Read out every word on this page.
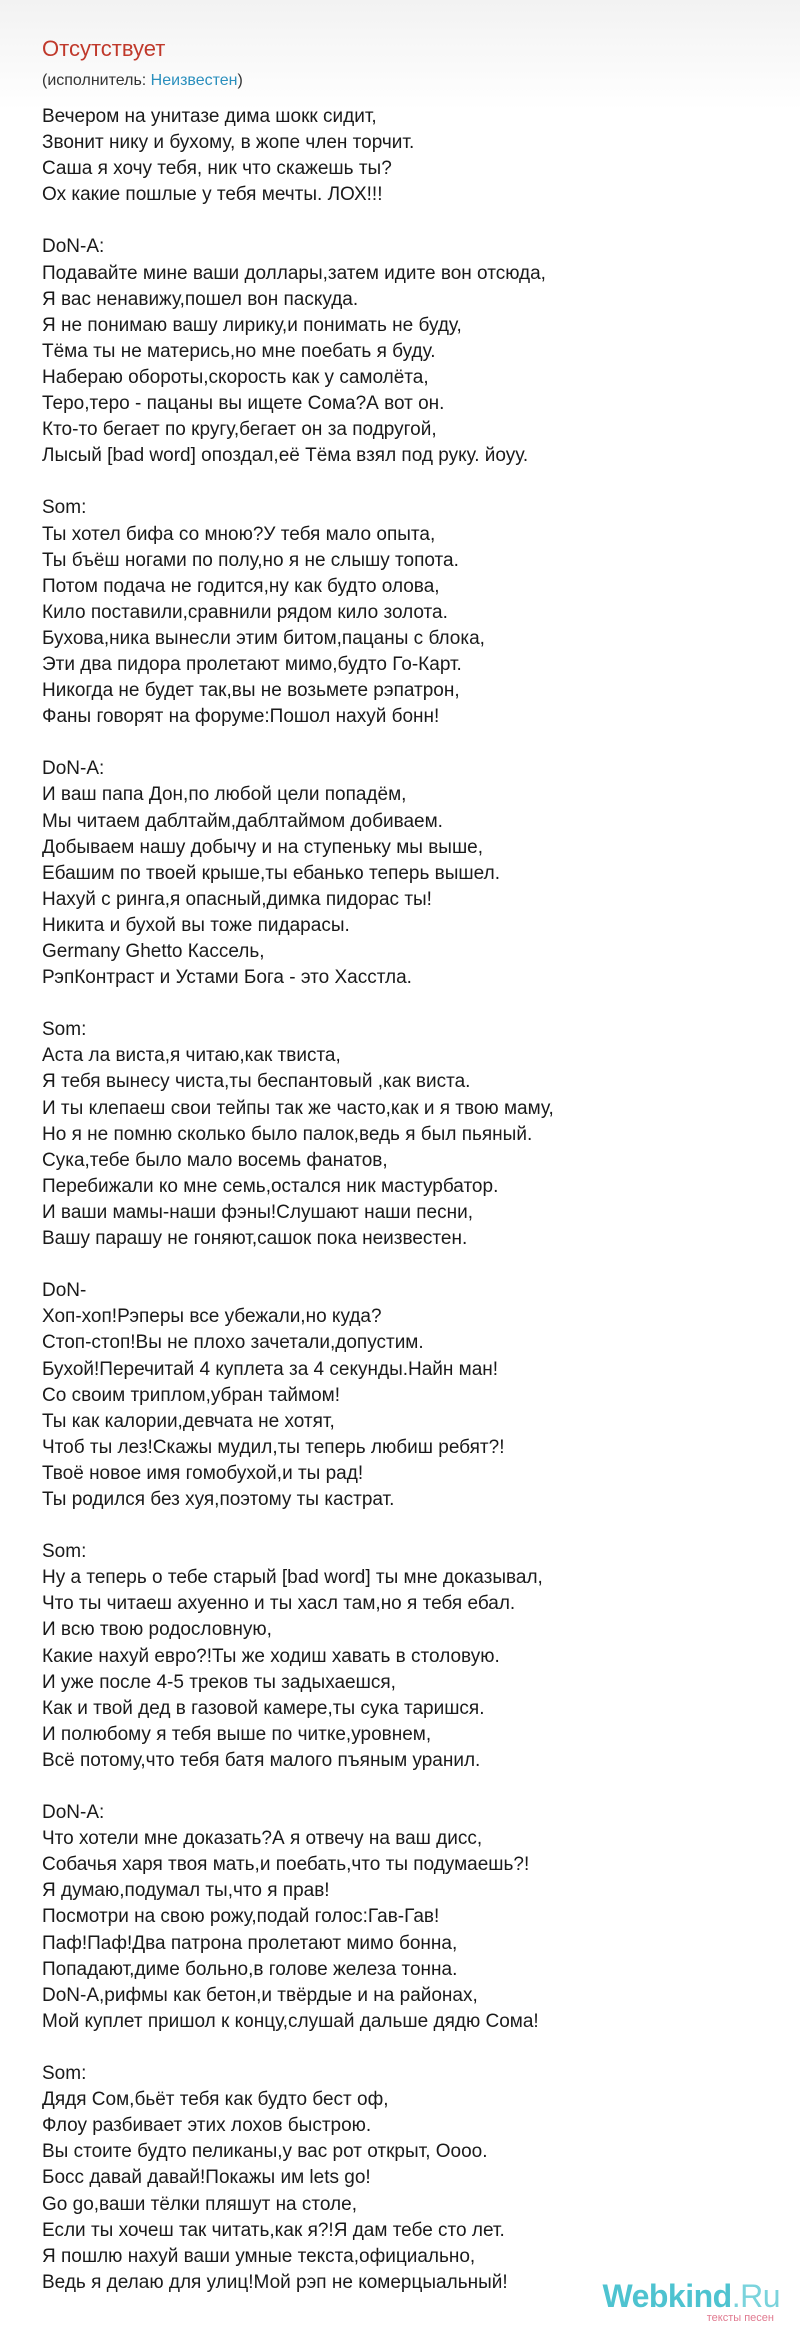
Отсутствует
(исполнитель: Неизвестен)
Вечером на унитазе дима шокк сидит,
Звонит нику и бухому, в жопе член торчит.
Саша я хочу тебя, ник что скажешь ты?
Ох какие пошлые у тебя мечты. ЛОХ!!!
DoN-A:
Подавайте мине ваши доллары,затем идите вон отсюда,
Я вас ненавижу,пошел вон паскуда.
Я не понимаю вашу лирику,и понимать не буду,
Тёма ты не матерись,но мне поебать я буду.
Набераю обороты,скорость как у самолёта,
Теро,теро - пацаны вы ищете Сома?А вот он.
Кто-то бегает по кругу,бегает он за подругой,
Лысый [bad word] опоздал,её Тёма взял под руку. йоуу.
Som:
Ты хотел бифа со мною?У тебя мало опыта,
Ты бъёш ногами по полу,но я не слышу топота.
Потом подача не годится,ну как будто олова,
Кило поставили,сравнили рядом кило золота.
Бухова,ника вынесли этим битом,пацаны с блока,
Эти два пидора пролетают мимо,будто Го-Карт.
Никогда не будет так,вы не возьмете рэпатрон,
Фаны говорят на форуме:Пошол нахуй бонн!
DoN-A:
И ваш папа Дон,по любой цели попадём,
Мы читаем даблтайм,даблтаймом добиваем.
Добываем нашу добычу и на ступеньку мы выше,
Ебашим по твоей крыше,ты ебанько теперь вышел.
Нахуй с ринга,я опасный,димка пидорас ты!
Никита и бухой вы тоже пидарасы.
Germany Ghetto Кассель,
РэпКонтраст и Устами Бога - это Хасстла.
Som:
Аста ла виста,я читаю,как твиста,
Я тебя вынесу чиста,ты беспантовый ,как виста.
И ты клепаеш свои тейпы так же часто,как и я твою маму,
Но я не помню сколько было палок,ведь я был пьяный.
Сука,тебе было мало восемь фанатов,
Перебижали ко мне семь,остался ник мастурбатор.
И ваши мамы-наши фэны!Слушают наши песни,
Вашу парашу не гоняют,сашок пока неизвестен.
DoN-
Хоп-хоп!Рэперы все убежали,но куда?
Стоп-стоп!Вы не плохо зачетали,допустим.
Бухой!Перечитай 4 куплета за 4 секунды.Найн ман!
Со своим триплом,убран таймом!
Ты как калории,девчата не хотят,
Чтоб ты лез!Скажы мудил,ты теперь любиш ребят?!
Твоё новое имя гомобухой,и ты рад!
Ты родился без хуя,поэтому ты кастрат.
Som:
Ну а теперь о тебе старый [bad word] ты мне доказывал,
Что ты читаеш ахуенно и ты хасл там,но я тебя ебал.
И всю твою родословную,
Какие нахуй евро?!Ты же ходиш хавать в столовую.
И уже после 4-5 треков ты задыхаешся,
Как и твой дед в газовой камере,ты сука таришся.
И полюбому я тебя выше по читке,уровнем,
Всё потому,что тебя батя малого пъяным уранил.
DoN-A:
Что хотели мне доказать?А я отвечу на ваш дисс,
Собачья харя твоя мать,и поебать,что ты подумаешь?!
Я думаю,подумал ты,что я прав!
Посмотри на свою рожу,подай голос:Гав-Гав!
Паф!Паф!Два патрона пролетают мимо бонна,
Попадают,диме больно,в голове железа тонна.
DoN-A,рифмы как бетон,и твёрдые и на районах,
Мой куплет пришол к концу,слушай дальше дядю Сома!
Som:
Дядя Сом,бьёт тебя как будто бест оф,
Флоу разбивает этих лохов быстрою.
Вы стоите будто пеликаны,у вас рот открыт, Оооо.
Босс давай давай!Покажы им lets go!
Go go,ваши тёлки пляшут на столе,
Если ты хочеш так читать,как я?!Я дам тебе сто лет.
Я пошлю нахуй ваши умные текста,официально,
Ведь я делаю для улиц!Мой рэп не комерцыальный!	Webkind.Ru
тексты песен
